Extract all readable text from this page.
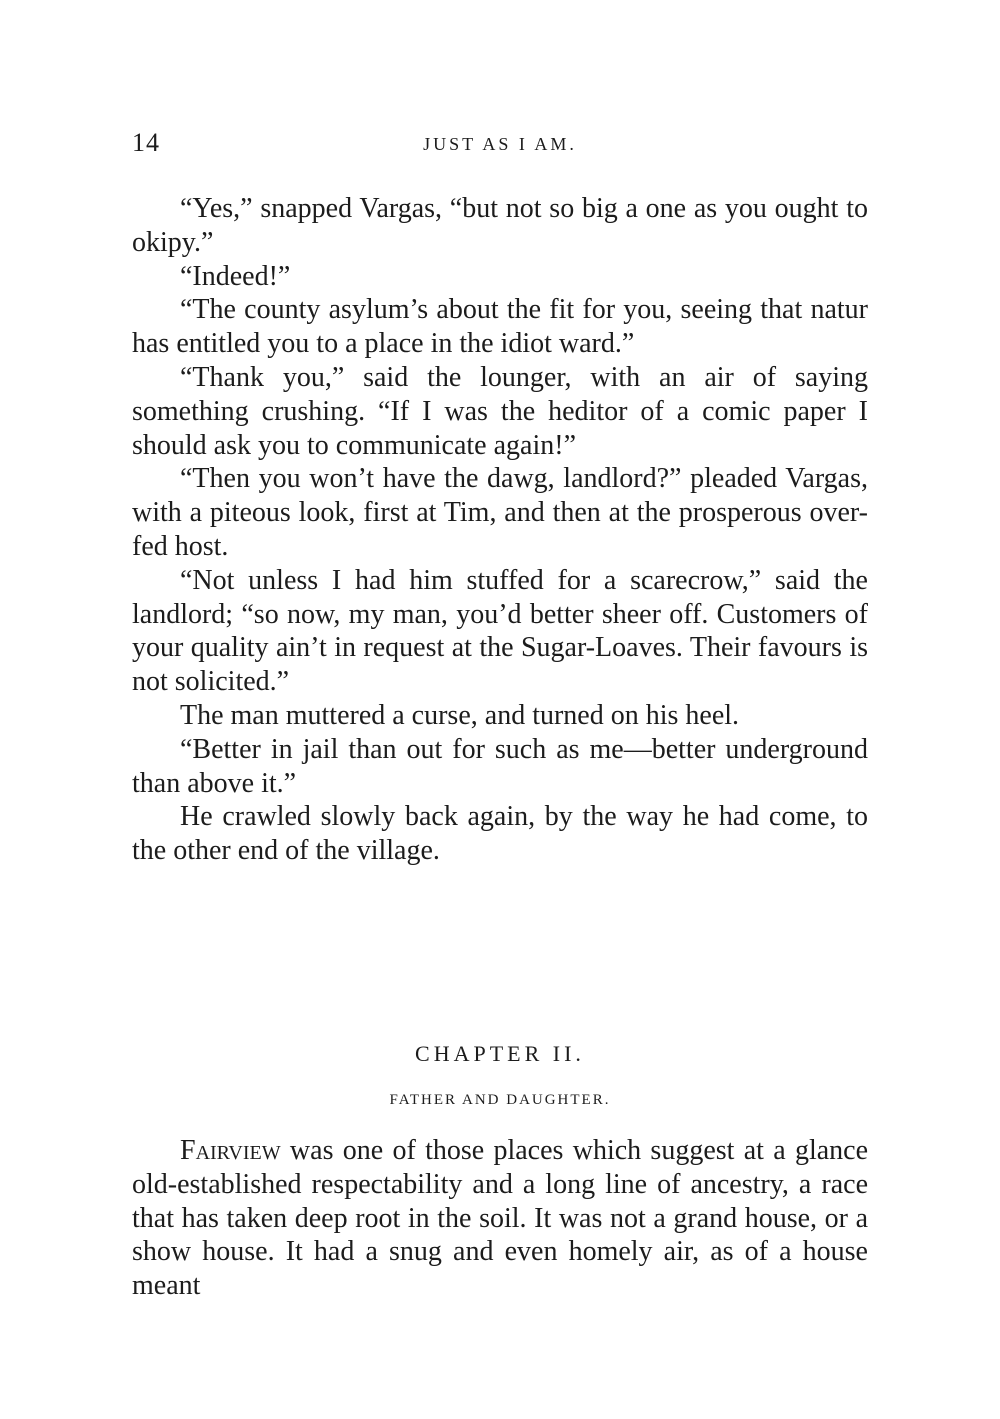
14	JUST AS I AM.

“Yes,” snapped Vargas, “but not so big a one as you ought to okipy.”

“Indeed!”

“The county asylum’s about the fit for you, seeing that natur has entitled you to a place in the idiot ward.”

“Thank you,” said the lounger, with an air of saying something crushing. “If I was the heditor of a comic paper I should ask you to communicate again!”

“Then you won’t have the dawg, landlord?” pleaded Vargas, with a piteous look, first at Tim, and then at the prosperous over-fed host.

“Not unless I had him stuffed for a scarecrow,” said the landlord; “so now, my man, you’d better sheer off. Customers of your quality ain’t in request at the Sugar-Loaves. Their favours is not solicited.”

The man muttered a curse, and turned on his heel.

“Better in jail than out for such as me—better underground than above it.”

He crawled slowly back again, by the way he had come, to the other end of the village.

CHAPTER II.

FATHER AND DAUGHTER.

Fairview was one of those places which suggest at a glance old-established respectability and a long line of ancestry, a race that has taken deep root in the soil. It was not a grand house, or a show house. It had a snug and even homely air, as of a house meant
